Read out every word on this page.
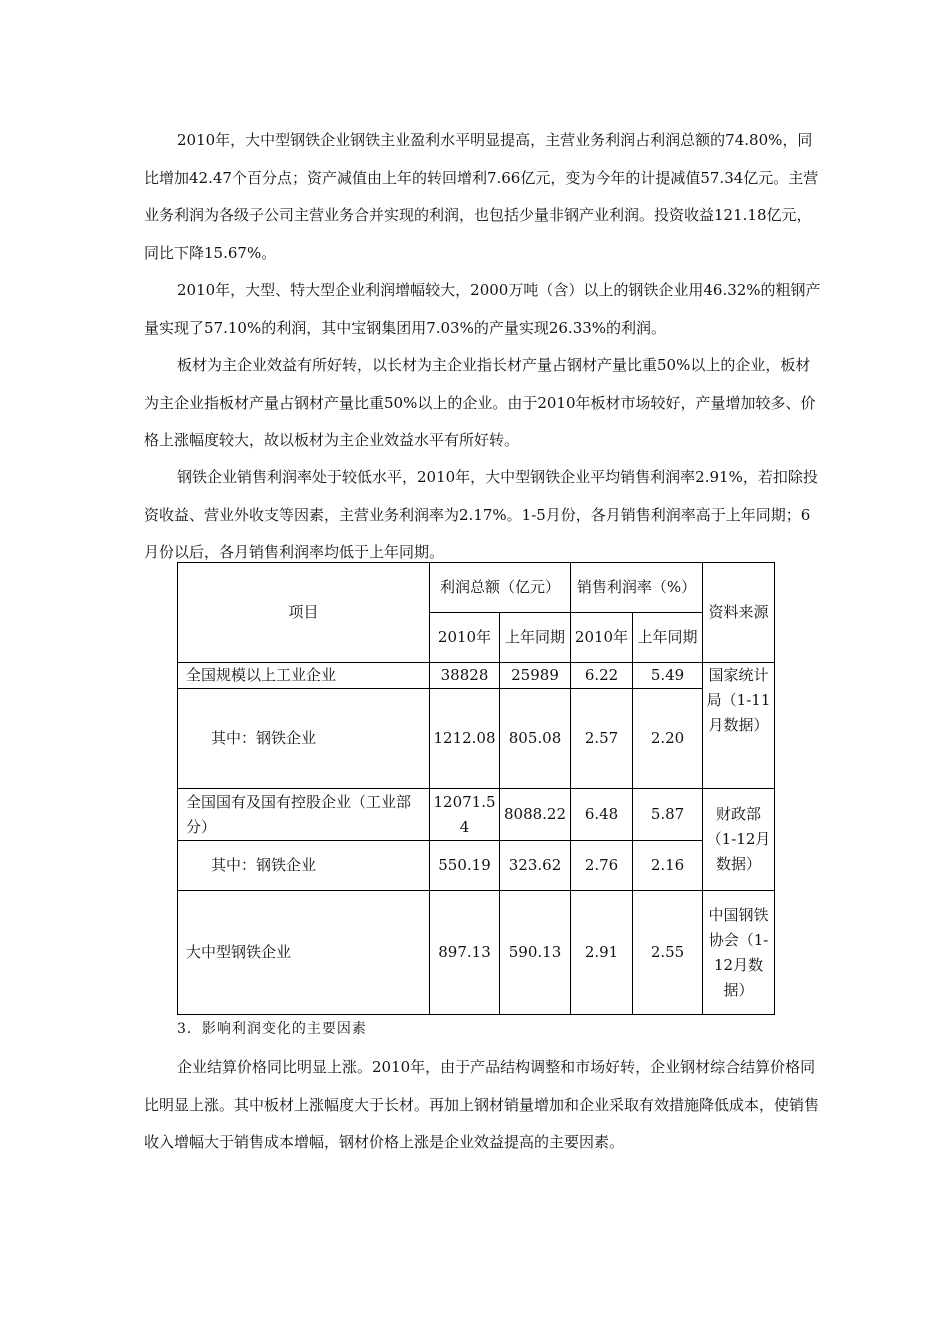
2010年，大中型钢铁企业钢铁主业盈利水平明显提高，主营业务利润占利润总额的74.80%，同比增加42.47个百分点；资产减值由上年的转回增利7.66亿元，变为今年的计提减值57.34亿元。主营业务利润为各级子公司主营业务合并实现的利润，也包括少量非钢产业利润。投资收益121.18亿元，同比下降15.67%。

2010年，大型、特大型企业利润增幅较大，2000万吨（含）以上的钢铁企业用46.32%的粗钢产量实现了57.10%的利润，其中宝钢集团用7.03%的产量实现26.33%的利润。

板材为主企业效益有所好转，以长材为主企业指长材产量占钢材产量比重50%以上的企业，板材为主企业指板材产量占钢材产量比重50%以上的企业。由于2010年板材市场较好，产量增加较多、价格上涨幅度较大，故以板材为主企业效益水平有所好转。

钢铁企业销售利润率处于较低水平，2010年，大中型钢铁企业平均销售利润率2.91%，若扣除投资收益、营业外收支等因素，主营业务利润率为2.17%。1-5月份，各月销售利润率高于上年同期；6月份以后，各月销售利润率均低于上年同期。

项目	利润总额（亿元）		销售利润率（%）		资料来源
	2010年	上年同期	2010年	上年同期	
全国规模以上工业企业	38828	25989	6.22	5.49	国家统计局（1-11月数据）
其中：钢铁企业	1212.08	805.08	2.57	2.20	
全国国有及国有控股企业（工业部分）	12071.54	8088.22	6.48	5.87	财政部（1-12月数据）
其中：钢铁企业	550.19	323.62	2.76	2.16	
大中型钢铁企业	897.13	590.13	2.91	2.55	中国钢铁协会（1-12月数据）

3．影响利润变化的主要因素

企业结算价格同比明显上涨。2010年，由于产品结构调整和市场好转，企业钢材综合结算价格同比明显上涨。其中板材上涨幅度大于长材。再加上钢材销量增加和企业采取有效措施降低成本，使销售收入增幅大于销售成本增幅，钢材价格上涨是企业效益提高的主要因素。
